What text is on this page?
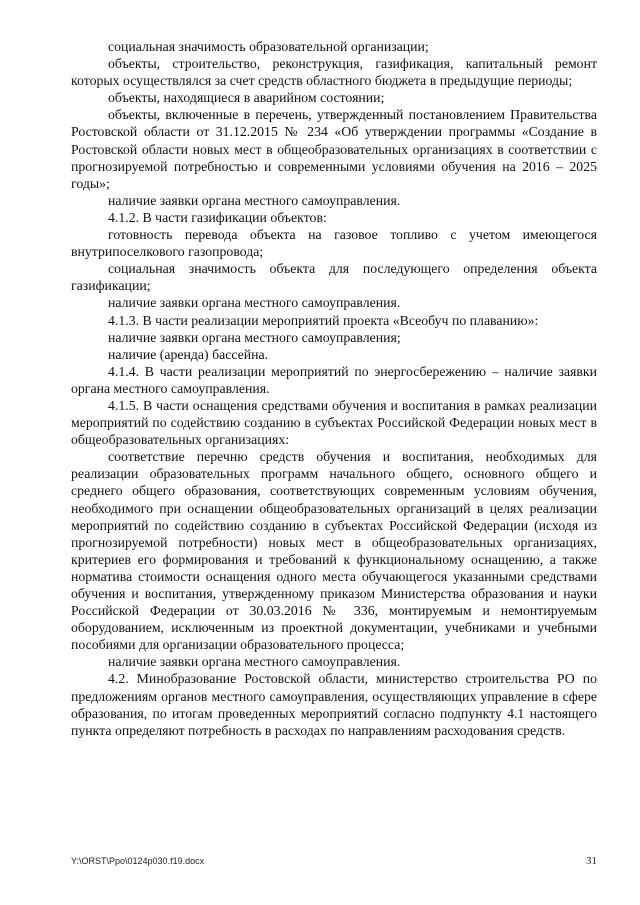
социальная значимость образовательной организации;

объекты, строительство, реконструкция, газификация, капитальный ремонт которых осуществлялся за счет средств областного бюджета в предыдущие периоды;

объекты, находящиеся в аварийном состоянии;

объекты, включенные в перечень, утвержденный постановлением Правительства Ростовской области от 31.12.2015 № 234 «Об утверждении программы «Создание в Ростовской области новых мест в общеобразовательных организациях в соответствии с прогнозируемой потребностью и современными условиями обучения на 2016 – 2025 годы»;

наличие заявки органа местного самоуправления.

4.1.2. В части газификации объектов:

готовность перевода объекта на газовое топливо с учетом имеющегося внутрипоселкового газопровода;

социальная значимость объекта для последующего определения объекта газификации;

наличие заявки органа местного самоуправления.

4.1.3. В части реализации мероприятий проекта «Всеобуч по плаванию»:

наличие заявки органа местного самоуправления;

наличие (аренда) бассейна.

4.1.4. В части реализации мероприятий по энергосбережению – наличие заявки органа местного самоуправления.

4.1.5. В части оснащения средствами обучения и воспитания в рамках реализации мероприятий по содействию созданию в субъектах Российской Федерации новых мест в общеобразовательных организациях:

соответствие перечню средств обучения и воспитания, необходимых для реализации образовательных программ начального общего, основного общего и среднего общего образования, соответствующих современным условиям обучения, необходимого при оснащении общеобразовательных организаций в целях реализации мероприятий по содействию созданию в субъектах Российской Федерации (исходя из прогнозируемой потребности) новых мест в общеобразовательных организациях, критериев его формирования и требований к функциональному оснащению, а также норматива стоимости оснащения одного места обучающегося указанными средствами обучения и воспитания, утвержденному приказом Министерства образования и науки Российской Федерации от 30.03.2016 № 336, монтируемым и немонтируемым оборудованием, исключенным из проектной документации, учебниками и учебными пособиями для организации образовательного процесса;

наличие заявки органа местного самоуправления.

4.2. Минобразование Ростовской области, министерство строительства РО по предложениям органов местного самоуправления, осуществляющих управление в сфере образования, по итогам проведенных мероприятий согласно подпункту 4.1 настоящего пункта определяют потребность в расходах по направлениям расходования средств.

Y:\ORST\Ppo\0124p030.f19.docx	31
